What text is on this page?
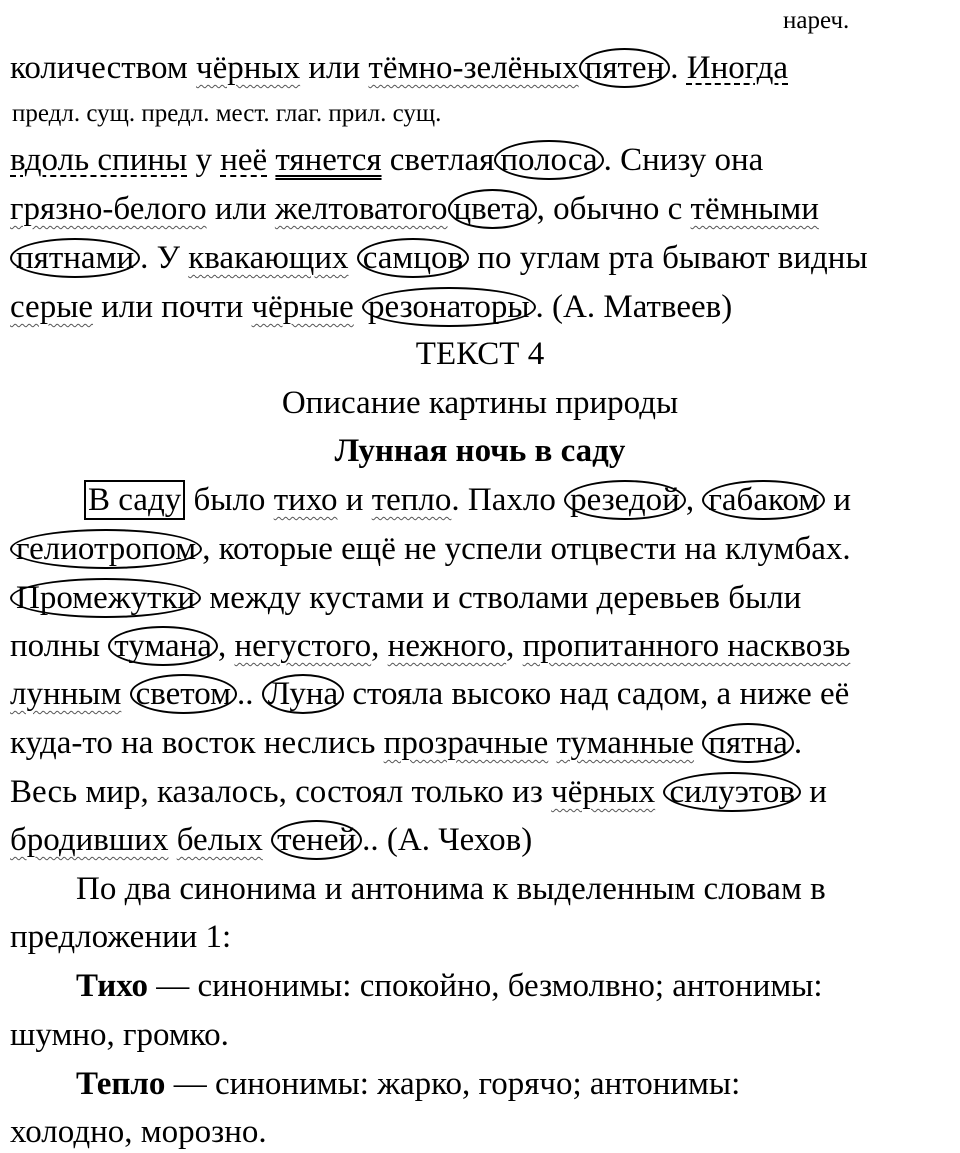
нареч.
количеством чёрных или тёмно-зелёных пятен . Иногда
предл. сущ. предл. мест. глаг. прил. сущ.
вдоль спины у неё тянется светлая полоса . Снизу она
грязно-белого или желтоватого цвета , обычно с тёмными
пятнами . У квакающих самцов по углам рта бывают видны
серые или почти чёрные резонаторы . (А. Матвеев)
ТЕКСТ 4
Описание картины природы
Лунная ночь в саду
В саду было тихо и тепло. Пахло резедой , габаком и
гелиотропом , которые ещё не успели отцвести на клумбах.
Промежутки между кустами и стволами деревьев были
полны тумана , негустого, нежного, пропитанного насквозь
лунным светом .. Луна стояла высоко над садом, а ниже её
куда-то на восток неслись прозрачные туманные пятна .
Весь мир, казалось, состоял только из чёрных силуэтов и
бродивших белых теней .. (А. Чехов)
По два синонима и антонима к выделенным словам в
предложении 1:
Тихо — синонимы: спокойно, безмолвно; антонимы:
шумно, громко.
Тепло — синонимы: жарко, горячо; антонимы:
холодно, морозно.
